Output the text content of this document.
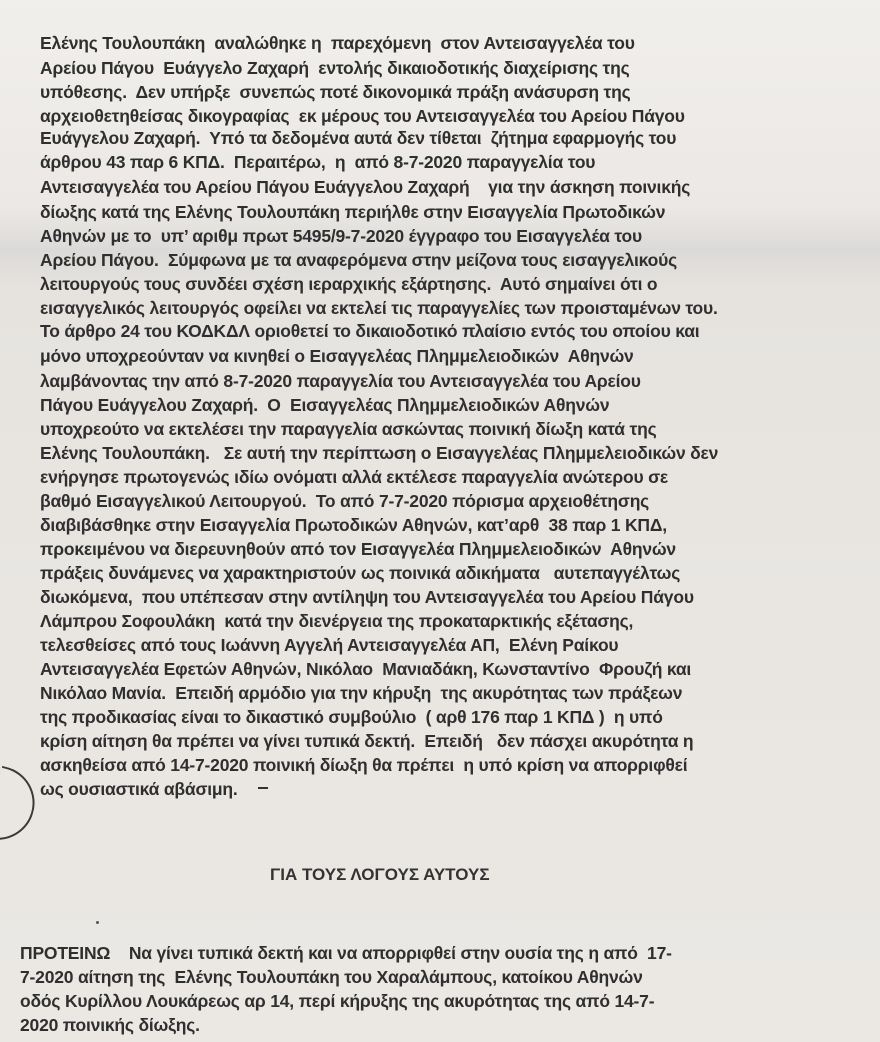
Ελένης Τουλουπάκη  αναλώθηκε η  παρεχόμενη  στον Αντεισαγγελέα του
Αρείου Πάγου  Ευάγγελο Ζαχαρή  εντολής δικαιοδοτικής διαχείρισης της
υπόθεσης.  Δεν υπήρξε  συνεπώς ποτέ δικονομικά πράξη ανάσυρση της
αρχειοθετηθείσας δικογραφίας  εκ μέρους του Αντεισαγγελέα του Αρείου Πάγου
Ευάγγελου Ζαχαρή.  Υπό τα δεδομένα αυτά δεν τίθεται  ζήτημα εφαρμογής του
άρθρου 43 παρ 6 ΚΠΔ.  Περαιτέρω,  η  από 8-7-2020 παραγγελία του
Αντεισαγγελέα του Αρείου Πάγου Ευάγγελου Ζαχαρή    για την άσκηση ποινικής
δίωξης κατά της Ελένης Τουλουπάκη περιήλθε στην Εισαγγελία Πρωτοδικών
Αθηνών με το  υπ’ αριθμ πρωτ 5495/9-7-2020 έγγραφο του Εισαγγελέα του
Αρείου Πάγου.  Σύμφωνα με τα αναφερόμενα στην μείζονα τους εισαγγελικούς
λειτουργούς τους συνδέει σχέση ιεραρχικής εξάρτησης.  Αυτό σημαίνει ότι ο
εισαγγελικός λειτουργός οφείλει να εκτελεί τις παραγγελίες των προισταμένων του.
Το άρθρο 24 του ΚΟΔΚΔΛ οριοθετεί το δικαιοδοτικό πλαίσιο εντός του οποίου και
μόνο υποχρεούνταν να κινηθεί ο Εισαγγελέας Πλημμελειοδικών  Αθηνών
λαμβάνοντας την από 8-7-2020 παραγγελία του Αντεισαγγελέα του Αρείου
Πάγου Ευάγγελου Ζαχαρή.  Ο  Εισαγγελέας Πλημμελειοδικών Αθηνών
υποχρεούτο να εκτελέσει την παραγγελία ασκώντας ποινική δίωξη κατά της
Ελένης Τουλουπάκη.   Σε αυτή την περίπτωση ο Εισαγγελέας Πλημμελειοδικών δεν
ενήργησε πρωτογενώς ιδίω ονόματι αλλά εκτέλεσε παραγγελία ανώτερου σε
βαθμό Εισαγγελικού Λειτουργού.  Το από 7-7-2020 πόρισμα αρχειοθέτησης
διαβιβάσθηκε στην Εισαγγελία Πρωτοδικών Αθηνών, κατ’αρθ  38 παρ 1 ΚΠΔ,
προκειμένου να διερευνηθούν από τον Εισαγγελέα Πλημμελειοδικών  Αθηνών
πράξεις δυνάμενες να χαρακτηριστούν ως ποινικά αδικήματα   αυτεπαγγέλτως
διωκόμενα,  που υπέπεσαν στην αντίληψη του Αντεισαγγελέα του Αρείου Πάγου
Λάμπρου Σοφουλάκη  κατά την διενέργεια της προκαταρκτικής εξέτασης,
τελεσθείσες από τους Ιωάννη Αγγελή Αντεισαγγελέα ΑΠ,  Ελένη Ραίκου
Αντεισαγγελέα Εφετών Αθηνών, Νικόλαο  Μανιαδάκη, Κωνσταντίνο  Φρουζή και
Νικόλαο Μανία.  Επειδή αρμόδιο για την κήρυξη  της ακυρότητας των πράξεων
της προδικασίας είναι το δικαστικό συμβούλιο  ( αρθ 176 παρ 1 ΚΠΔ )  η υπό
κρίση αίτηση θα πρέπει να γίνει τυπικά δεκτή.  Επειδή   δεν πάσχει ακυρότητα η
ασκηθείσα από 14-7-2020 ποινική δίωξη θα πρέπει  η υπό κρίση να απορριφθεί
ως ουσιαστικά αβάσιμη.
ΓΙΑ ΤΟΥΣ ΛΟΓΟΥΣ ΑΥΤΟΥΣ
ΠΡΟΤΕΙΝΩ    Να γίνει τυπικά δεκτή και να απορριφθεί στην ουσία της η από  17-
7-2020 αίτηση της  Ελένης Τουλουπάκη του Χαραλάμπους, κατοίκου Αθηνών
οδός Κυρίλλου Λουκάρεως αρ 14, περί κήρυξης της ακυρότητας της από 14-7-
2020 ποινικής δίωξης.
